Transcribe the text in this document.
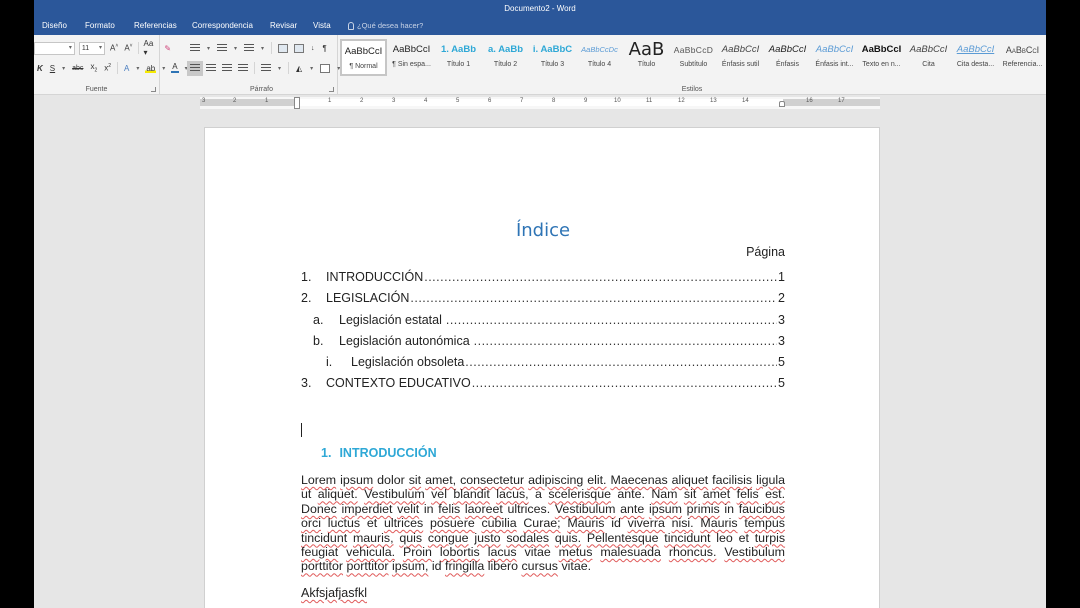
Documento2 - Word
Diseño Formato Referencias Correspondencia Revisar Vista	¿Qué desea hacer?
▾
11 ▾	A˄ A˅ Aa ▾	✎
K S ▾ abc $x_2$ $x^2$ A ▾ ab ▾ A ▾
Fuente
▾	▾	▾	↓ ¶
▾ ◭ ▾	▾
Párrafo
AaBbCcI
¶ Normal
AaBbCcI
¶ Sin espa...
1. AaBb
Título 1
a. AaBb
Título 2
i. AaBbC
Título 3
AaBbCcDc
Título 4
AaB
Título
AaBbCcD
Subtítulo
AaBbCcI
Énfasis sutil
AaBbCcI
Énfasis
AaBbCcI
Énfasis int...
AaBbCcI
Texto en n...
AaBbCcI
Cita
AaBbCcI
Cita desta...
AaBbCcI
Referencia...
Estilos
3	2	1	1	2	3	4	5	6	7	8	9	10	11	12	13	14	16	17
Índice
Página
1.	INTRODUCCIÓN .....	1
2.	LEGISLACIÓN .....	2
a.	Legislación estatal .....	3
b.	Legislación autonómica .....	3
i.	Legislación obsoleta .....	5
3.	CONTEXTO EDUCATIVO .....	5
1. INTRODUCCIÓN

Lorem ipsum dolor sit amet, consectetur adipiscing elit. Maecenas aliquet facilisis ligula ut aliquet. Vestibulum vel blandit lacus, a scelerisque ante. Nam sit amet felis est. Donec imperdiet velit in felis laoreet ultrices. Vestibulum ante ipsum primis in faucibus orci luctus et ultrices posuere cubilia Curae; Mauris id viverra nisi. Mauris tempus tincidunt mauris, quis congue justo sodales quis. Pellentesque tincidunt leo et turpis feugiat vehicula. Proin lobortis lacus vitae metus malesuada rhoncus. Vestibulum porttitor porttitor ipsum, id fringilla libero cursus vitae.

Akfsjafjasfkl
